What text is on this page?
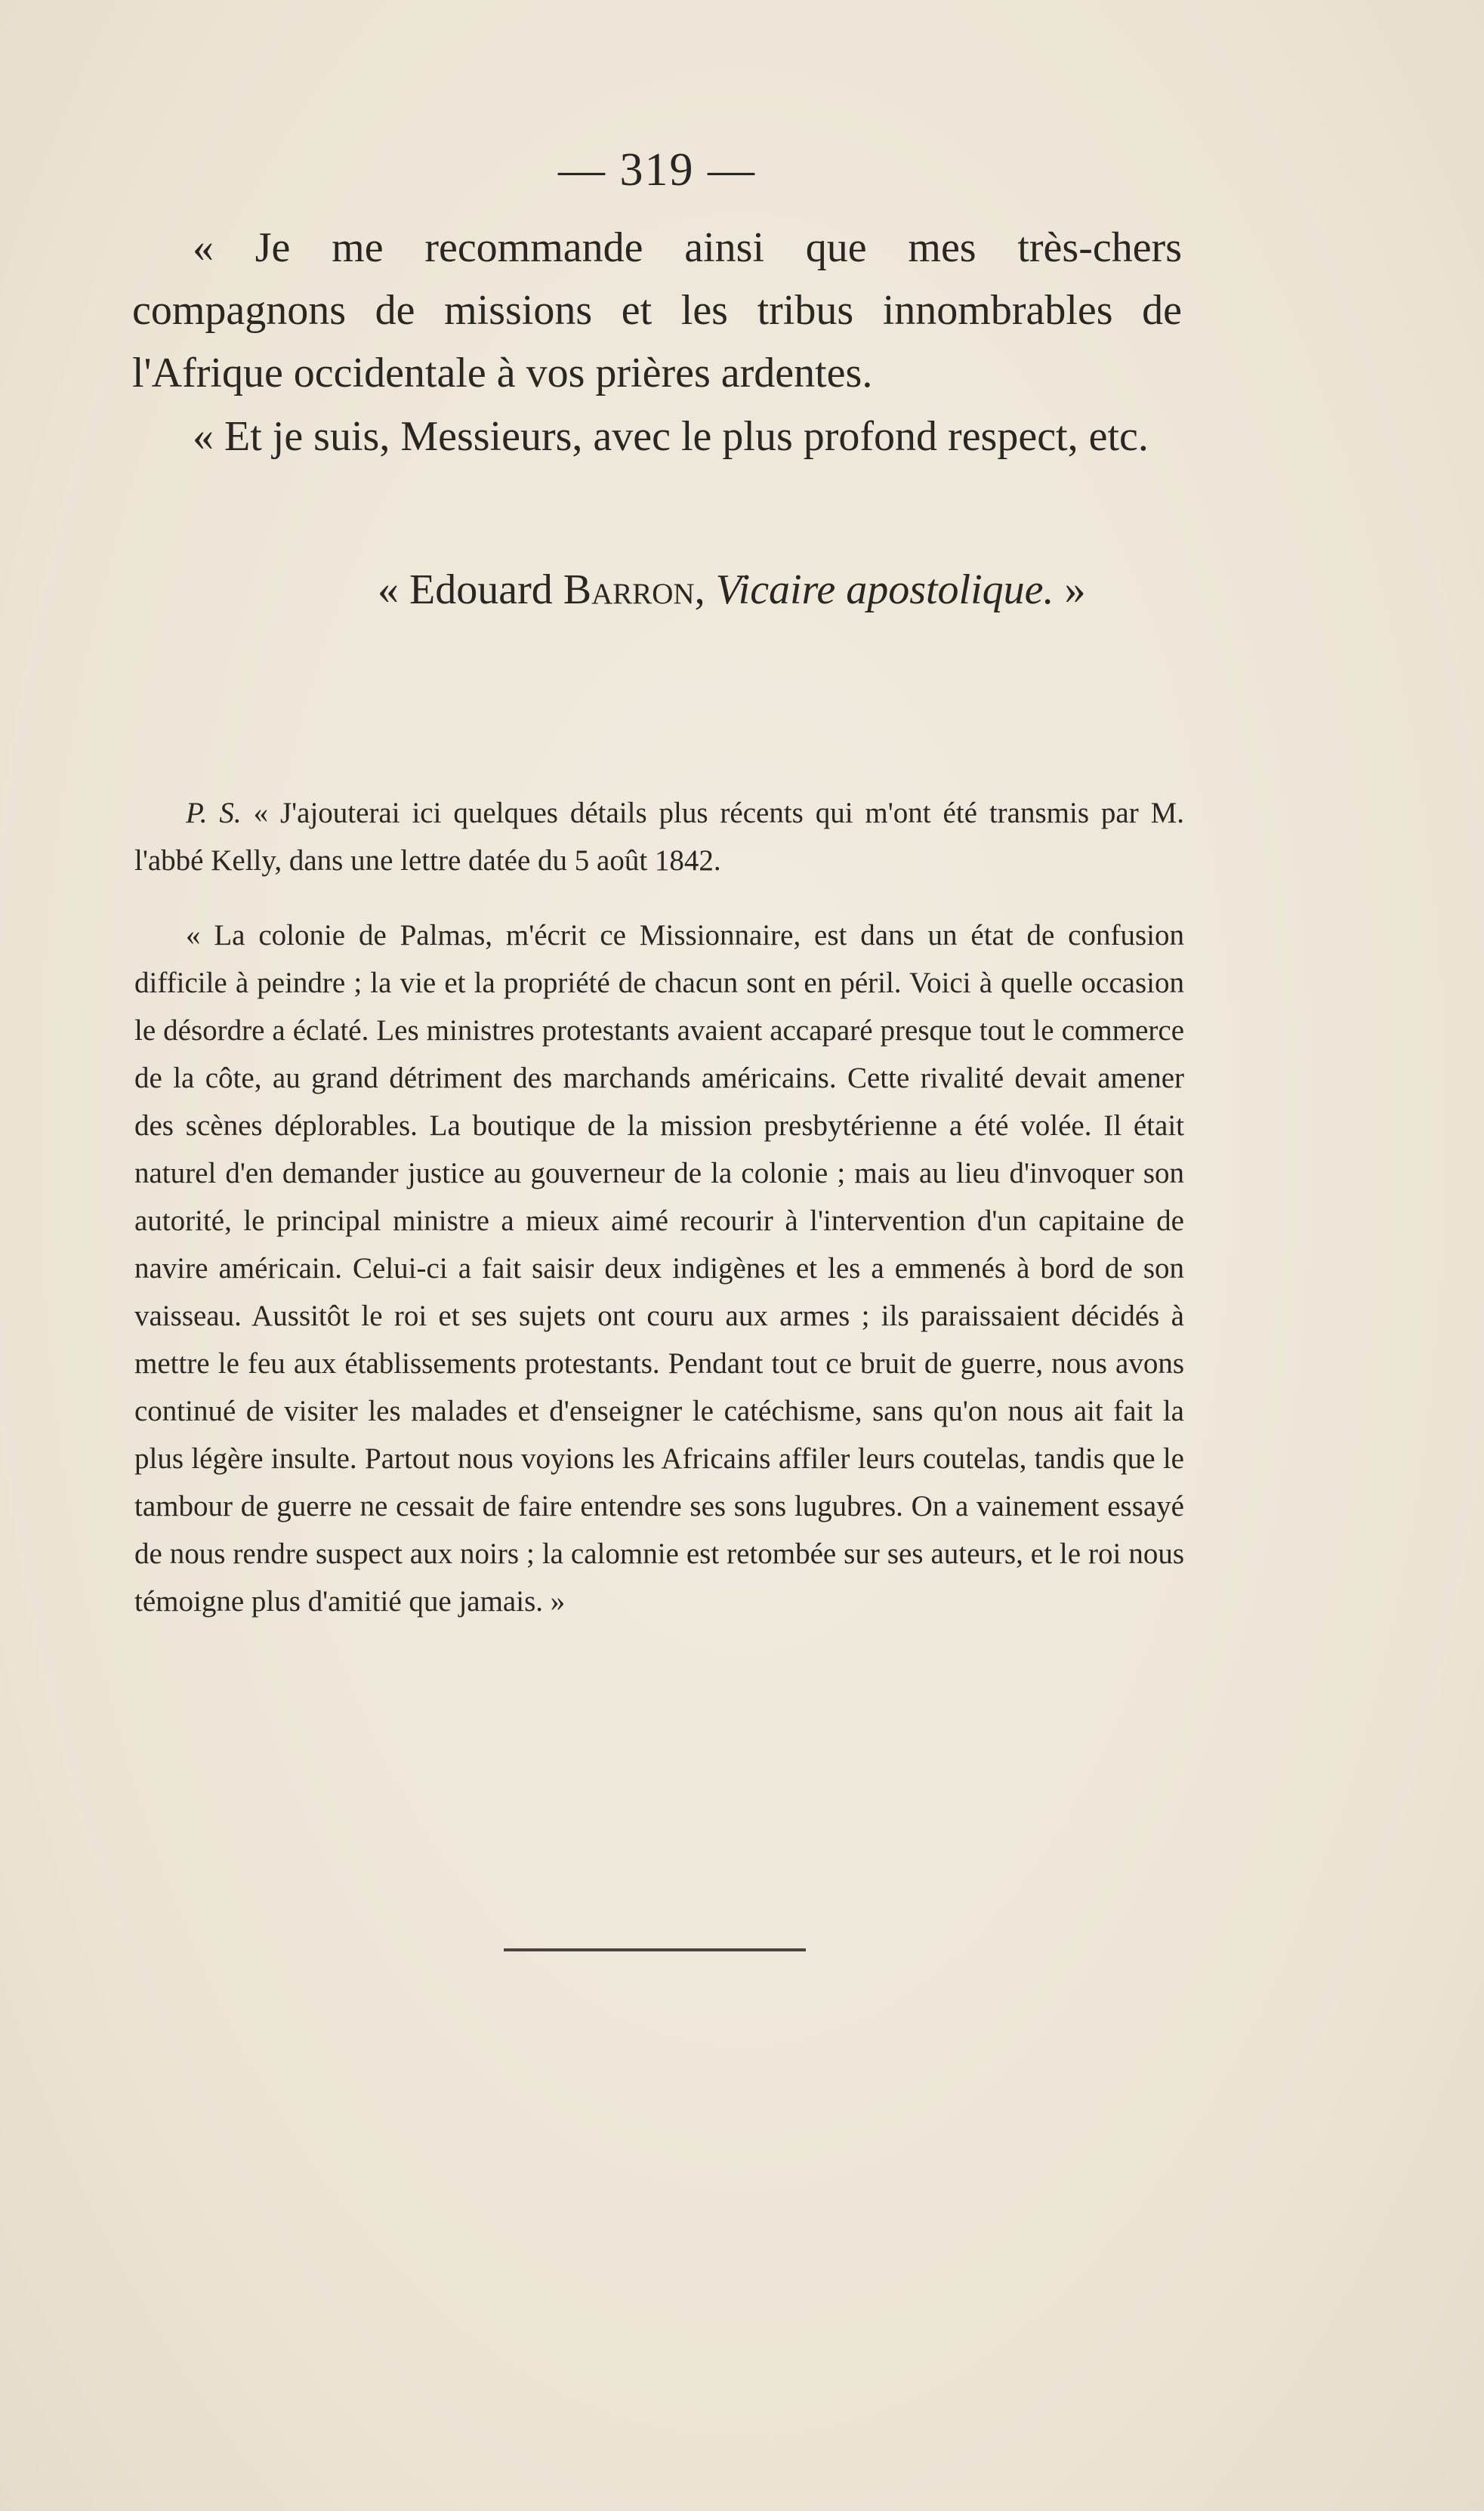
— 319 —

« Je me recommande ainsi que mes très-chers compagnons de missions et les tribus innombrables de l'Afrique occidentale à vos prières ardentes.

« Et je suis, Messieurs, avec le plus profond respect, etc.

« Edouard Barron, Vicaire apostolique. »

P. S. « J'ajouterai ici quelques détails plus récents qui m'ont été transmis par M. l'abbé Kelly, dans une lettre datée du 5 août 1842.

« La colonie de Palmas, m'écrit ce Missionnaire, est dans un état de confusion difficile à peindre ; la vie et la propriété de chacun sont en péril. Voici à quelle occasion le désordre a éclaté. Les ministres protestants avaient accaparé presque tout le commerce de la côte, au grand détriment des marchands américains. Cette rivalité devait amener des scènes déplorables. La boutique de la mission presbytérienne a été volée. Il était naturel d'en demander justice au gouverneur de la colonie ; mais au lieu d'invoquer son autorité, le principal ministre a mieux aimé recourir à l'intervention d'un capitaine de navire américain. Celui-ci a fait saisir deux indigènes et les a emmenés à bord de son vaisseau. Aussitôt le roi et ses sujets ont couru aux armes ; ils paraissaient décidés à mettre le feu aux établissements protestants. Pendant tout ce bruit de guerre, nous avons continué de visiter les malades et d'enseigner le catéchisme, sans qu'on nous ait fait la plus légère insulte. Partout nous voyions les Africains affiler leurs coutelas, tandis que le tambour de guerre ne cessait de faire entendre ses sons lugubres. On a vainement essayé de nous rendre suspect aux noirs ; la calomnie est retombée sur ses auteurs, et le roi nous témoigne plus d'amitié que jamais. »
